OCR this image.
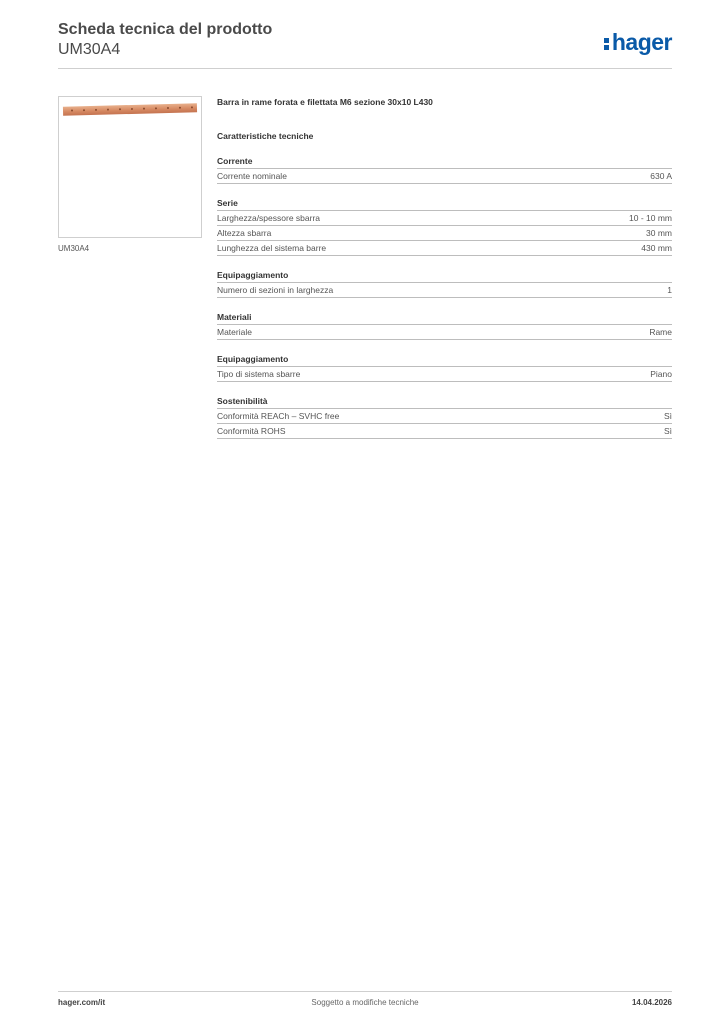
Scheda tecnica del prodotto
UM30A4	hager
UM30A4
Barra in rame forata e filettata M6 sezione 30x10 L430
Caratteristiche tecniche
Corrente
Corrente nominale	630 A
Serie
Larghezza/spessore sbarra	10 - 10 mm
Altezza sbarra	30 mm
Lunghezza del sistema barre	430 mm
Equipaggiamento
Numero di sezioni in larghezza	1
Materiali
Materiale	Rame
Equipaggiamento
Tipo di sistema sbarre	Piano
Sostenibilità
Conformità REACh – SVHC free	Sì
Conformità ROHS	Sì
hager.com/it	Soggetto a modifiche tecniche	14.04.2026
